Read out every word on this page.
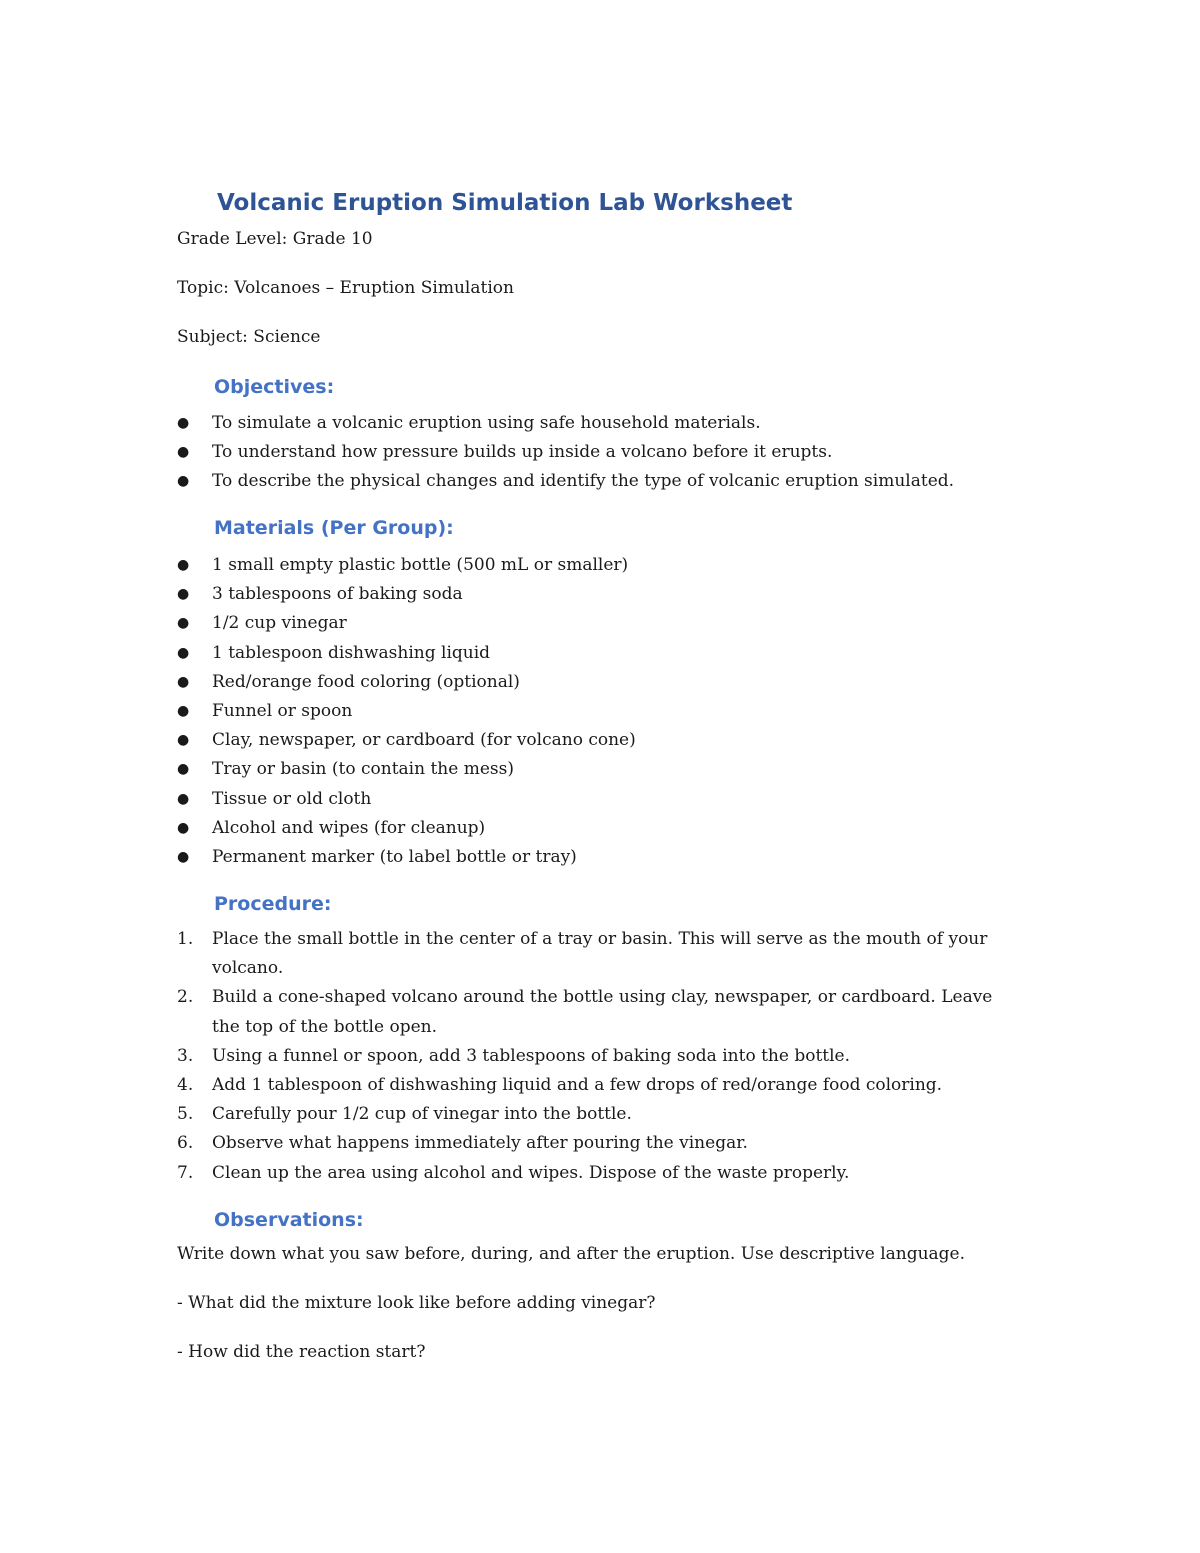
Volcanic Eruption Simulation Lab Worksheet

Grade Level: Grade 10

Topic: Volcanoes – Eruption Simulation

Subject: Science

Objectives:
● To simulate a volcanic eruption using safe household materials.
● To understand how pressure builds up inside a volcano before it erupts.
● To describe the physical changes and identify the type of volcanic eruption simulated.
Materials (Per Group):
● 1 small empty plastic bottle (500 mL or smaller)
● 3 tablespoons of baking soda
● 1/2 cup vinegar
● 1 tablespoon dishwashing liquid
● Red/orange food coloring (optional)
● Funnel or spoon
● Clay, newspaper, or cardboard (for volcano cone)
● Tray or basin (to contain the mess)
● Tissue or old cloth
● Alcohol and wipes (for cleanup)
● Permanent marker (to label bottle or tray)
Procedure:
1. Place the small bottle in the center of a tray or basin. This will serve as the mouth of your volcano.
2. Build a cone-shaped volcano around the bottle using clay, newspaper, or cardboard. Leave the top of the bottle open.
3. Using a funnel or spoon, add 3 tablespoons of baking soda into the bottle.
4. Add 1 tablespoon of dishwashing liquid and a few drops of red/orange food coloring.
5. Carefully pour 1/2 cup of vinegar into the bottle.
6. Observe what happens immediately after pouring the vinegar.
7. Clean up the area using alcohol and wipes. Dispose of the waste properly.
Observations:

Write down what you saw before, during, and after the eruption. Use descriptive language.

- What did the mixture look like before adding vinegar?

- How did the reaction start?
